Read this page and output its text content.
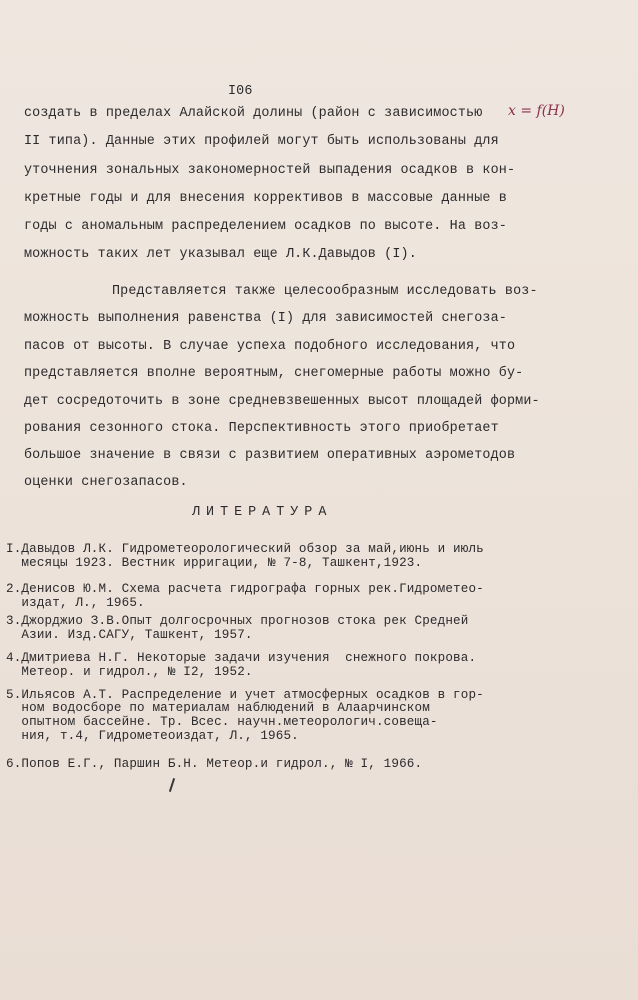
I06
x = f(H)
создать в пределах Алайской долины (район с зависимостью
II типа). Данные этих профилей могут быть использованы для
уточнения зональных закономерностей выпадения осадков в кон-
кретные годы и для внесения коррективов в массовые данные в
годы с аномальным распределением осадков по высоте. На воз-
можность таких лет указывал еще Л.К.Давыдов (I).
Представляется также целесообразным исследовать воз-
можность выполнения равенства (I) для зависимостей снегоза-
пасов от высоты. В случае успеха подобного исследования, что
представляется вполне вероятным, снегомерные работы можно бу-
дет сосредоточить в зоне средневзвешенных высот площадей форми-
рования сезонного стока. Перспективность этого приобретает
большое значение в связи с развитием оперативных аэрометодов
оценки снегозапасов.
ЛИТЕРАТУРА
I.Давыдов Л.К. Гидрометеорологический обзор за май,июнь и июль
месяцы 1923. Вестник ирригации, № 7-8, Ташкент,1923.
2.Денисов Ю.М. Схема расчета гидрографа горных рек.Гидрометео-
издат, Л., 1965.
3.Джорджио З.В.Опыт долгосрочных прогнозов стока рек Средней
Азии. Изд.САГУ, Ташкент, 1957.
4.Дмитриева Н.Г. Некоторые задачи изучения  снежного покрова.
Метеор. и гидрол., № I2, 1952.
5.Ильясов А.Т. Распределение и учет атмосферных осадков в гор-
ном водосборе по материалам наблюдений в Алаарчинском
опытном бассейне. Тр. Всес. научн.метеорологич.совеща-
ния, т.4, Гидрометеоиздат, Л., 1965.
6.Попов Е.Г., Паршин Б.Н. Метеор.и гидрол., № I, 1966.
